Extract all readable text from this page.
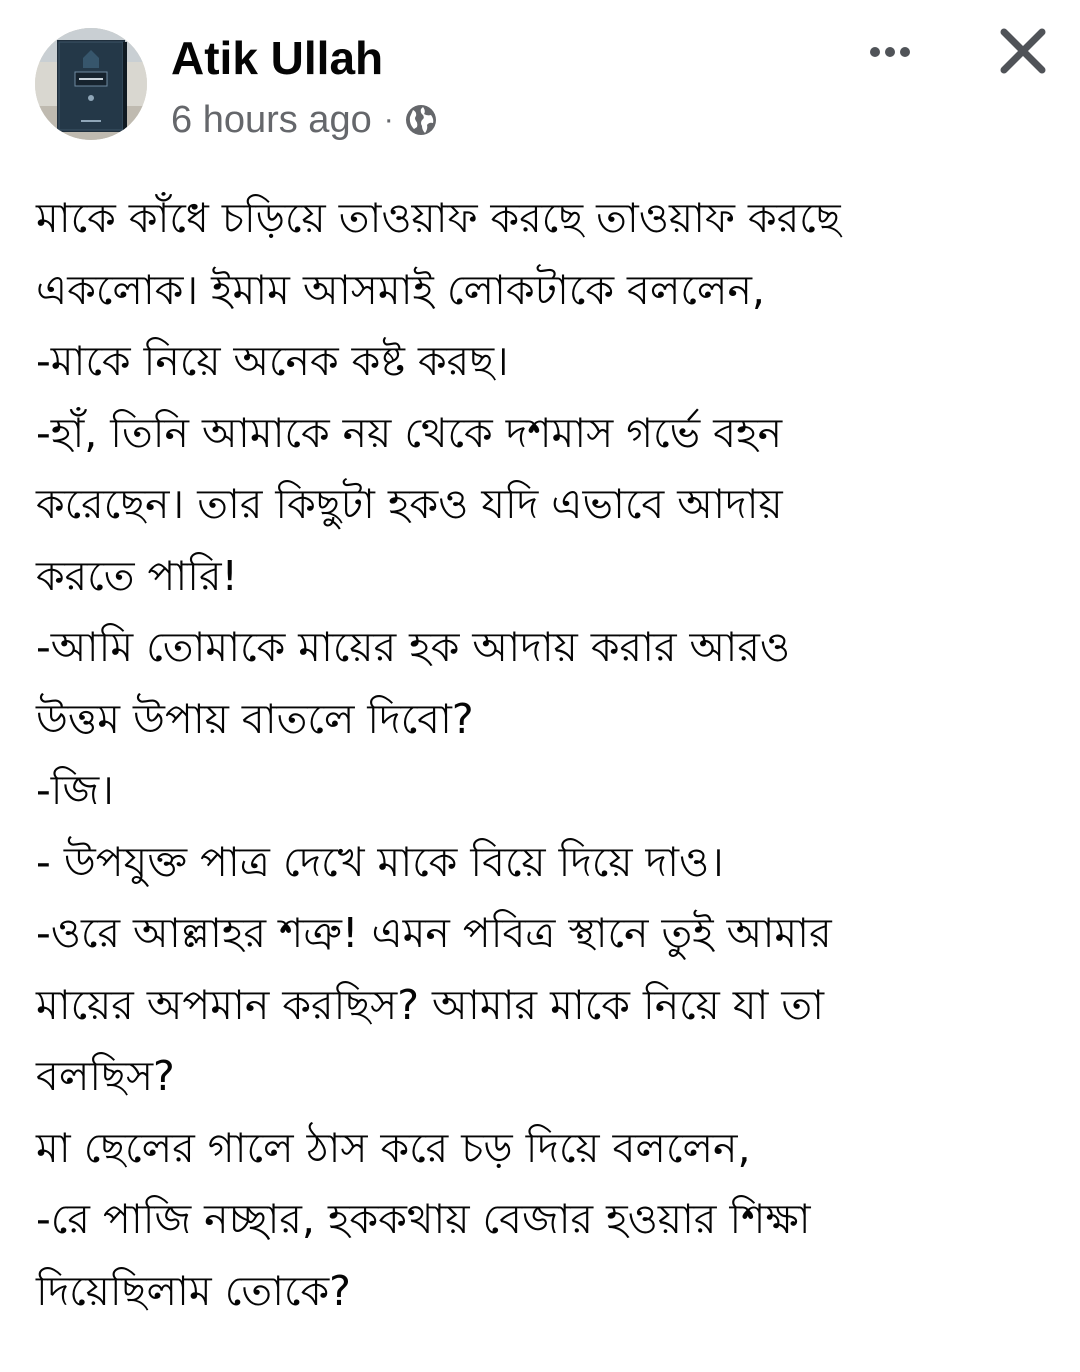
Atik Ullah
6 hours ago ·
মাকে কাঁধে চড়িয়ে তাওয়াফ করছে তাওয়াফ করছে
একলোক। ইমাম আসমাই লোকটাকে বললেন,
-মাকে নিয়ে অনেক কষ্ট করছ।
-হাঁ, তিনি আমাকে নয় থেকে দশমাস গর্ভে বহন
করেছেন। তার কিছুটা হকও যদি এভাবে আদায়
করতে পারি!
-আমি তোমাকে মায়ের হক আদায় করার আরও
উত্তম উপায় বাতলে দিবো?
-জি।
- উপযুক্ত পাত্র দেখে মাকে বিয়ে দিয়ে দাও।
-ওরে আল্লাহর শত্রু! এমন পবিত্র স্থানে তুই আমার
মায়ের অপমান করছিস? আমার মাকে নিয়ে যা তা
বলছিস?
মা ছেলের গালে ঠাস করে চড় দিয়ে বললেন,
-রে পাজি নচ্ছার, হককথায় বেজার হওয়ার শিক্ষা
দিয়েছিলাম তোকে?
